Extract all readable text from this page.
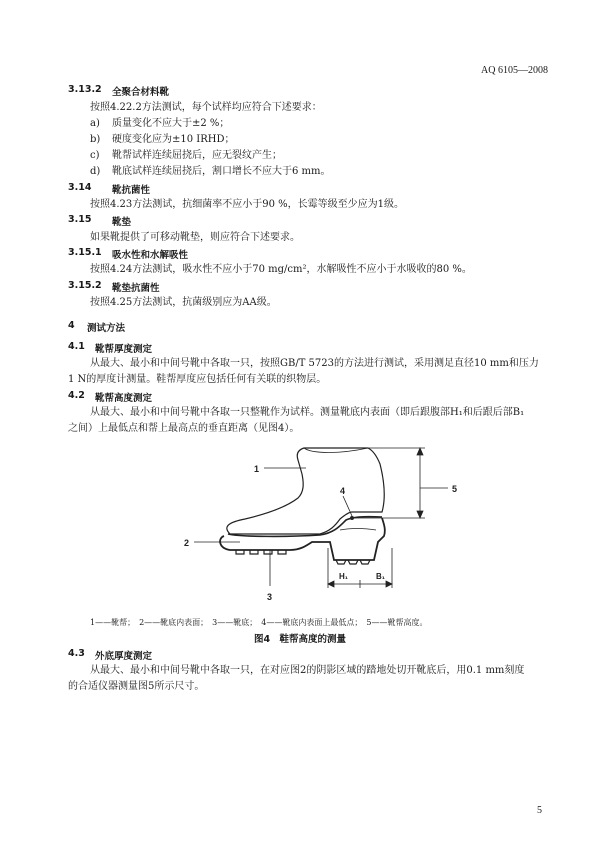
AQ 6105—2008
3.13.2 全聚合材料靴
按照4.22.2方法测试，每个试样均应符合下述要求：
a) 质量变化不应大于±2 %；
b) 硬度变化应为±10 IRHD；
c) 靴帮试样连续屈挠后，应无裂纹产生；
d) 靴底试样连续屈挠后，割口增长不应大于6 mm。
3.14 靴抗菌性
按照4.23方法测试，抗细菌率不应小于90 %，长霉等级至少应为1级。
3.15 靴垫
如果靴提供了可移动靴垫，则应符合下述要求。
3.15.1 吸水性和水解吸性
按照4.24方法测试，吸水性不应小于70 mg/cm²，水解吸性不应小于水吸收的80 %。
3.15.2 靴垫抗菌性
按照4.25方法测试，抗菌级别应为AA级。
4 测试方法
4.1 靴帮厚度测定
从最大、最小和中间号靴中各取一只，按照GB/T 5723的方法进行测试，采用测足直径10 mm和压力
1 N的厚度计测量。鞋帮厚度应包括任何有关联的织物层。
4.2 靴帮高度测定
从最大、最小和中间号靴中各取一只整靴作为试样。测量靴底内表面（即后跟腹部H₁和后跟后部B₁
之间）上最低点和帮上最高点的垂直距离（见图4）。
1
2
3
4	5
H₁	B₁
1——靴帮；　2——靴底内表面；　3——靴底；　4——靴底内表面上最低点；　5——靴帮高度。
图4　鞋帮高度的测量
4.3 外底厚度测定
从最大、最小和中间号靴中各取一只，在对应图2的阴影区域的踏地处切开靴底后，用0.1 mm刻度
的合适仪器测量图5所示尺寸。
5
